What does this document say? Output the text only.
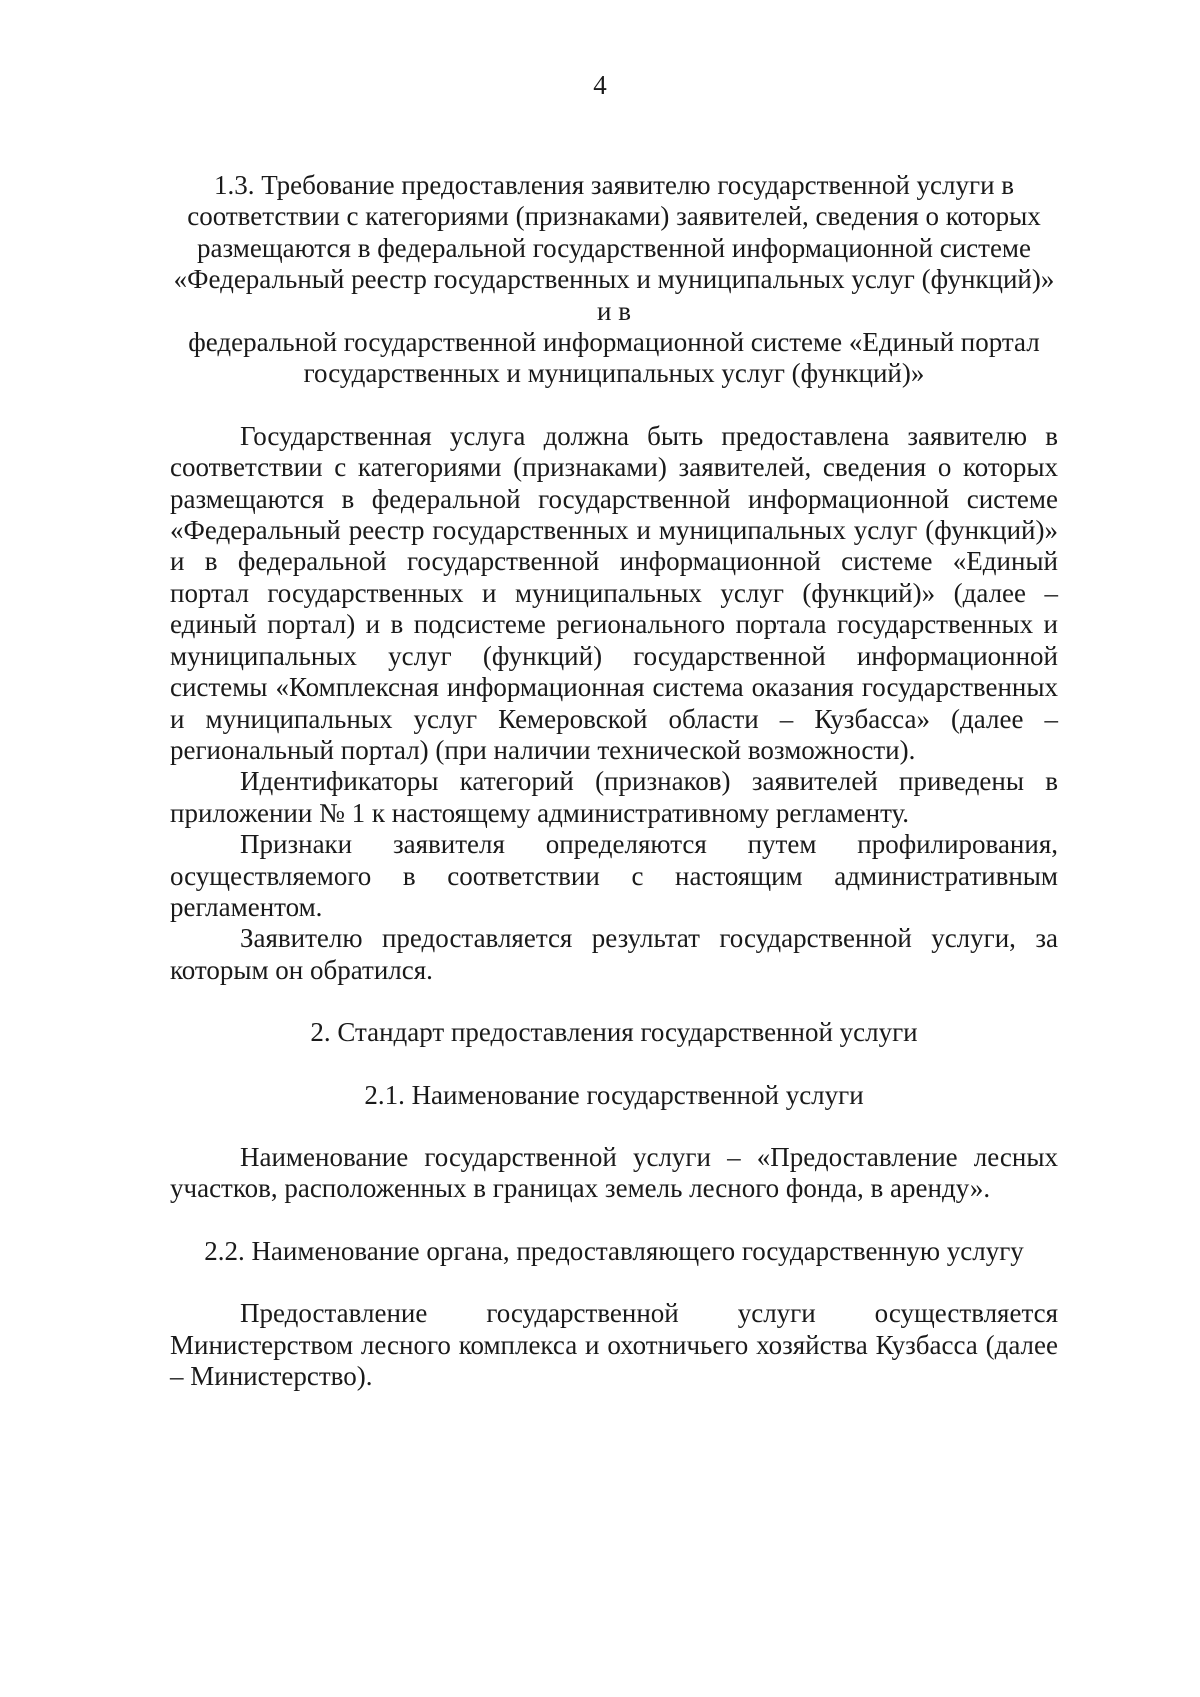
4
1.3. Требование предоставления заявителю государственной услуги в
соответствии с категориями (признаками) заявителей, сведения о которых
размещаются в федеральной государственной информационной системе
«Федеральный реестр государственных и муниципальных услуг (функций)» и в
федеральной государственной информационной системе «Единый портал
государственных и муниципальных услуг (функций)»

Государственная услуга должна быть предоставлена заявителю в соответствии с категориями (признаками) заявителей, сведения о которых размещаются в федеральной государственной информационной системе «Федеральный реестр государственных и муниципальных услуг (функций)» и в федеральной государственной информационной системе «Единый портал государственных и муниципальных услуг (функций)» (далее – единый портал) и в подсистеме регионального портала государственных и муниципальных услуг (функций) государственной информационной системы «Комплексная информационная система оказания государственных и муниципальных услуг Кемеровской области – Кузбасса» (далее – региональный портал) (при наличии технической возможности).

Идентификаторы категорий (признаков) заявителей приведены в приложении № 1 к настоящему административному регламенту.

Признаки заявителя определяются путем профилирования, осуществляемого в соответствии с настоящим административным регламентом.

Заявителю предоставляется результат государственной услуги, за которым он обратился.

2. Стандарт предоставления государственной услуги

2.1. Наименование государственной услуги

Наименование государственной услуги – «Предоставление лесных участков, расположенных в границах земель лесного фонда, в аренду».

2.2. Наименование органа, предоставляющего государственную услугу

Предоставление государственной услуги осуществляется Министерством лесного комплекса и охотничьего хозяйства Кузбасса (далее – Министерство).
